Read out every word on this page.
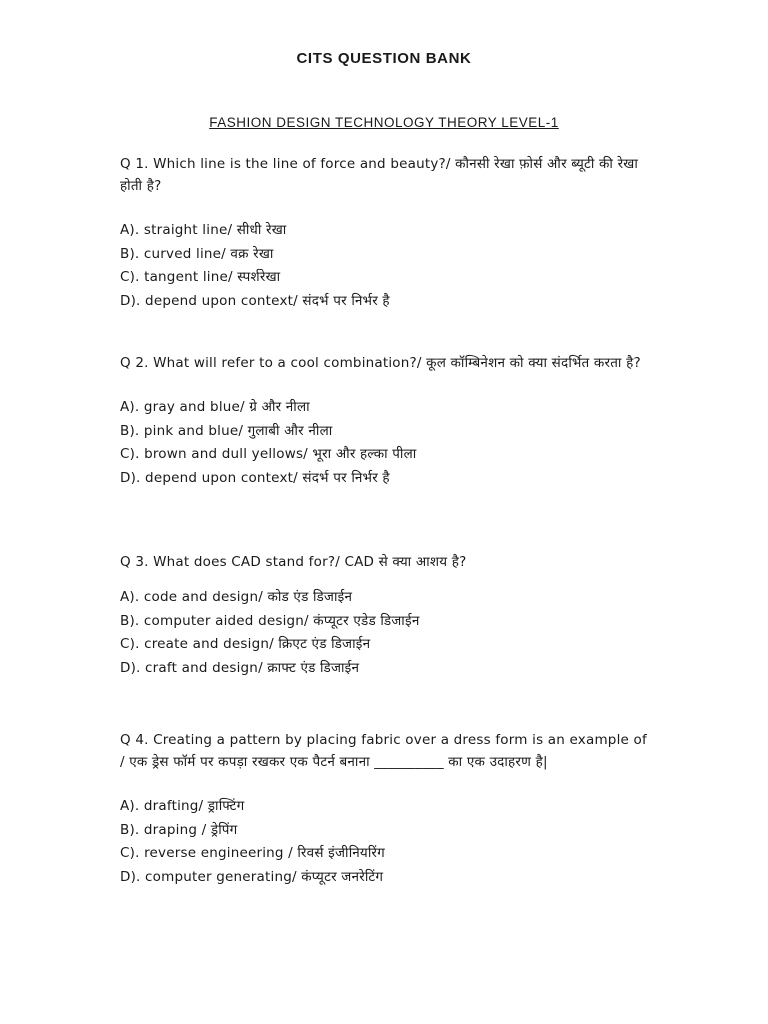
CITS QUESTION BANK
FASHION DESIGN TECHNOLOGY THEORY LEVEL-1

Q 1. Which line is the line of force and beauty?/ कौनसी रेखा फ़ोर्स और ब्यूटी की रेखा होती है?

A). straight line/ सीधी रेखा
B). curved line/ वक्र रेखा
C). tangent line/ स्पर्शरेखा
D). depend upon context/ संदर्भ पर निर्भर है

Q 2. What will refer to a cool combination?/ कूल कॉम्बिनेशन को क्या संदर्भित करता है?

A). gray and blue/ ग्रे और नीला
B). pink and blue/ गुलाबी और नीला
C). brown and dull yellows/ भूरा और हल्का पीला
D). depend upon context/ संदर्भ पर निर्भर है

Q 3. What does CAD stand for?/ CAD से क्या आशय है?

A). code and design/ कोड एंड डिजाईन
B). computer aided design/ कंप्यूटर एडेड डिजाईन
C). create and design/ क्रिएट एंड डिजाईन
D). craft and design/ क्राफ्ट एंड डिजाईन

Q 4. Creating a pattern by placing fabric over a dress form is an example of / एक ड्रेस फॉर्म पर कपड़ा रखकर एक पैटर्न बनाना __________ का एक उदाहरण है|

A). drafting/ ड्राफ्टिंग
B). draping / ड्रेपिंग
C). reverse engineering / रिवर्स इंजीनियरिंग
D). computer generating/ कंप्यूटर जनरेटिंग
